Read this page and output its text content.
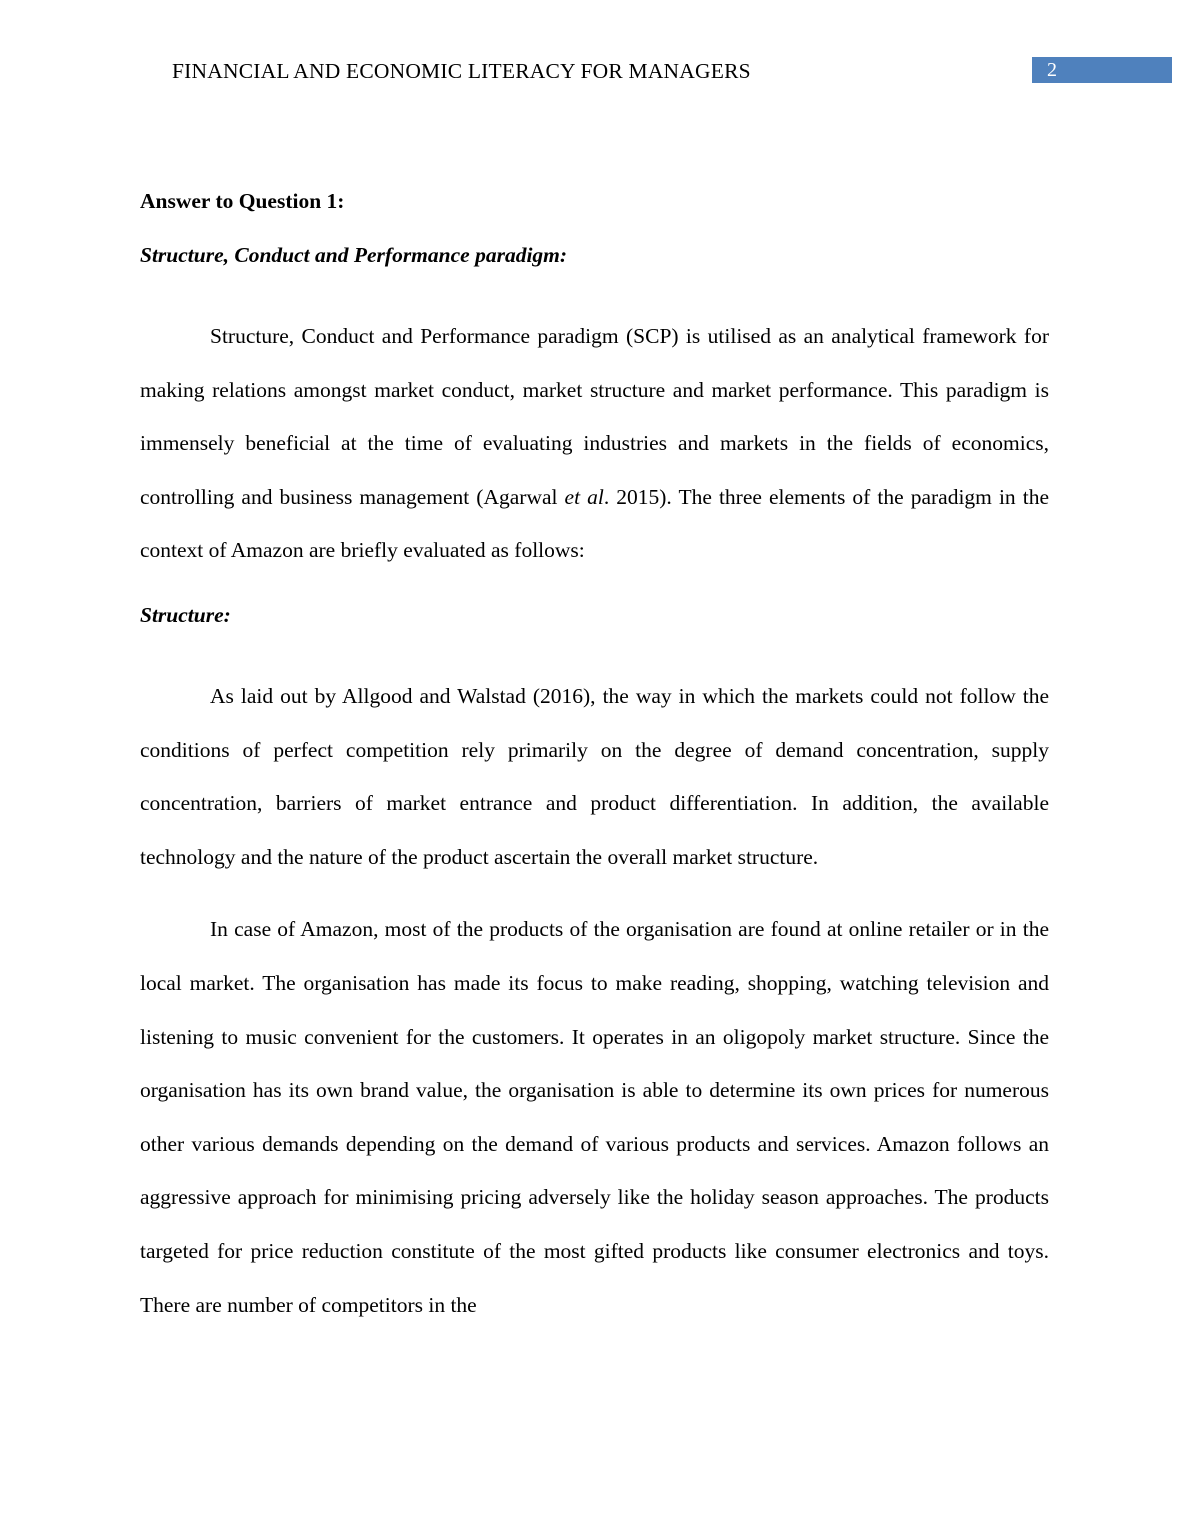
FINANCIAL AND ECONOMIC LITERACY FOR MANAGERS	2
Answer to Question 1:
Structure, Conduct and Performance paradigm:
Structure, Conduct and Performance paradigm (SCP) is utilised as an analytical framework for making relations amongst market conduct, market structure and market performance. This paradigm is immensely beneficial at the time of evaluating industries and markets in the fields of economics, controlling and business management (Agarwal et al. 2015). The three elements of the paradigm in the context of Amazon are briefly evaluated as follows:
Structure:
As laid out by Allgood and Walstad (2016), the way in which the markets could not follow the conditions of perfect competition rely primarily on the degree of demand concentration, supply concentration, barriers of market entrance and product differentiation. In addition, the available technology and the nature of the product ascertain the overall market structure.
In case of Amazon, most of the products of the organisation are found at online retailer or in the local market. The organisation has made its focus to make reading, shopping, watching television and listening to music convenient for the customers. It operates in an oligopoly market structure. Since the organisation has its own brand value, the organisation is able to determine its own prices for numerous other various demands depending on the demand of various products and services. Amazon follows an aggressive approach for minimising pricing adversely like the holiday season approaches. The products targeted for price reduction constitute of the most gifted products like consumer electronics and toys. There are number of competitors in the
